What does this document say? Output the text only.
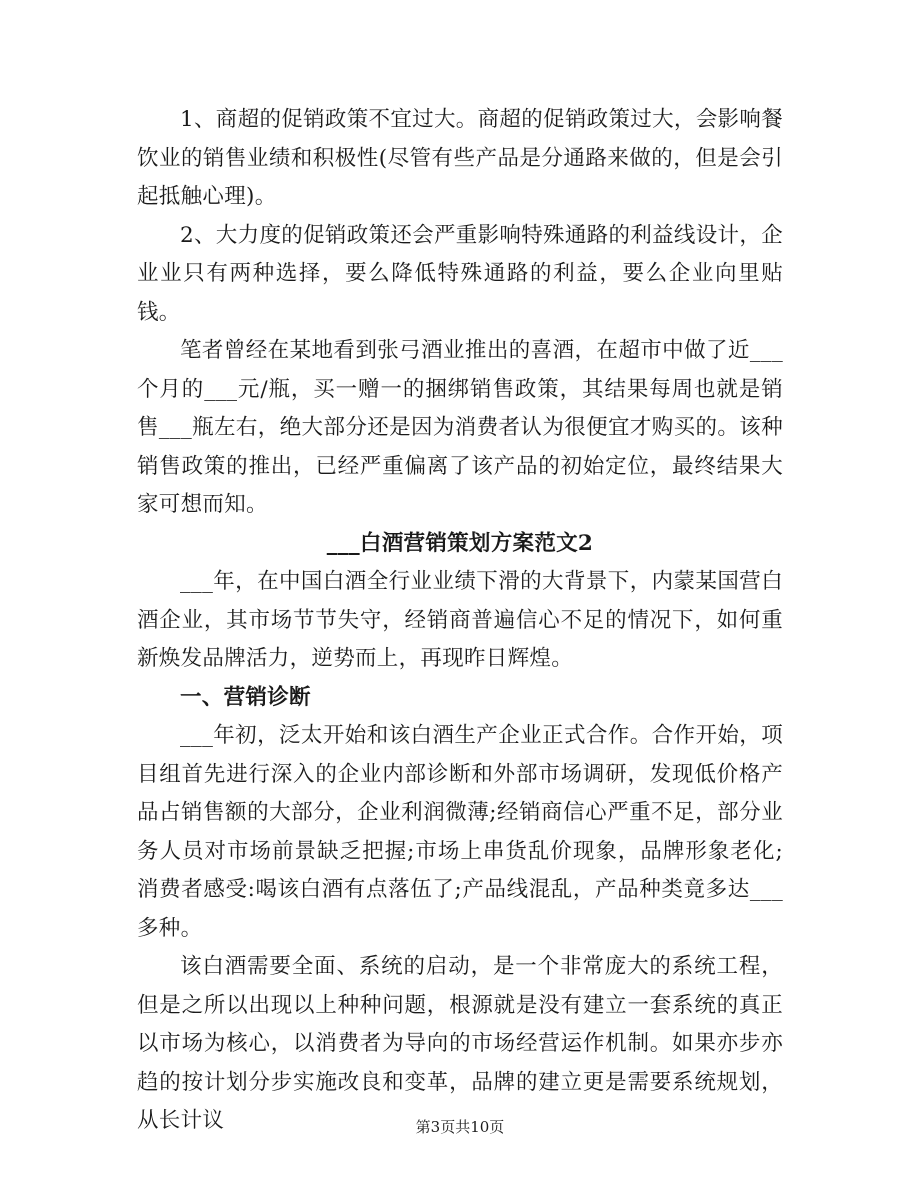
1、商超的促销政策不宜过大。商超的促销政策过大，会影响餐饮业的销售业绩和积极性(尽管有些产品是分通路来做的，但是会引起抵触心理)。

2、大力度的促销政策还会严重影响特殊通路的利益线设计，企业业只有两种选择，要么降低特殊通路的利益，要么企业向里贴钱。

笔者曾经在某地看到张弓酒业推出的喜酒，在超市中做了近___个月的___元/瓶，买一赠一的捆绑销售政策，其结果每周也就是销售___瓶左右，绝大部分还是因为消费者认为很便宜才购买的。该种销售政策的推出，已经严重偏离了该产品的初始定位，最终结果大家可想而知。

___白酒营销策划方案范文2

___年，在中国白酒全行业业绩下滑的大背景下，内蒙某国营白酒企业，其市场节节失守，经销商普遍信心不足的情况下，如何重新焕发品牌活力，逆势而上，再现昨日辉煌。

一、营销诊断

___年初，泛太开始和该白酒生产企业正式合作。合作开始，项目组首先进行深入的企业内部诊断和外部市场调研，发现低价格产品占销售额的大部分，企业利润微薄;经销商信心严重不足，部分业务人员对市场前景缺乏把握;市场上串货乱价现象，品牌形象老化;消费者感受:喝该白酒有点落伍了;产品线混乱，产品种类竟多达___多种。

该白酒需要全面、系统的启动，是一个非常庞大的系统工程，但是之所以出现以上种种问题，根源就是没有建立一套系统的真正以市场为核心，以消费者为导向的市场经营运作机制。如果亦步亦趋的按计划分步实施改良和变革，品牌的建立更是需要系统规划，从长计议	第3页共10页
